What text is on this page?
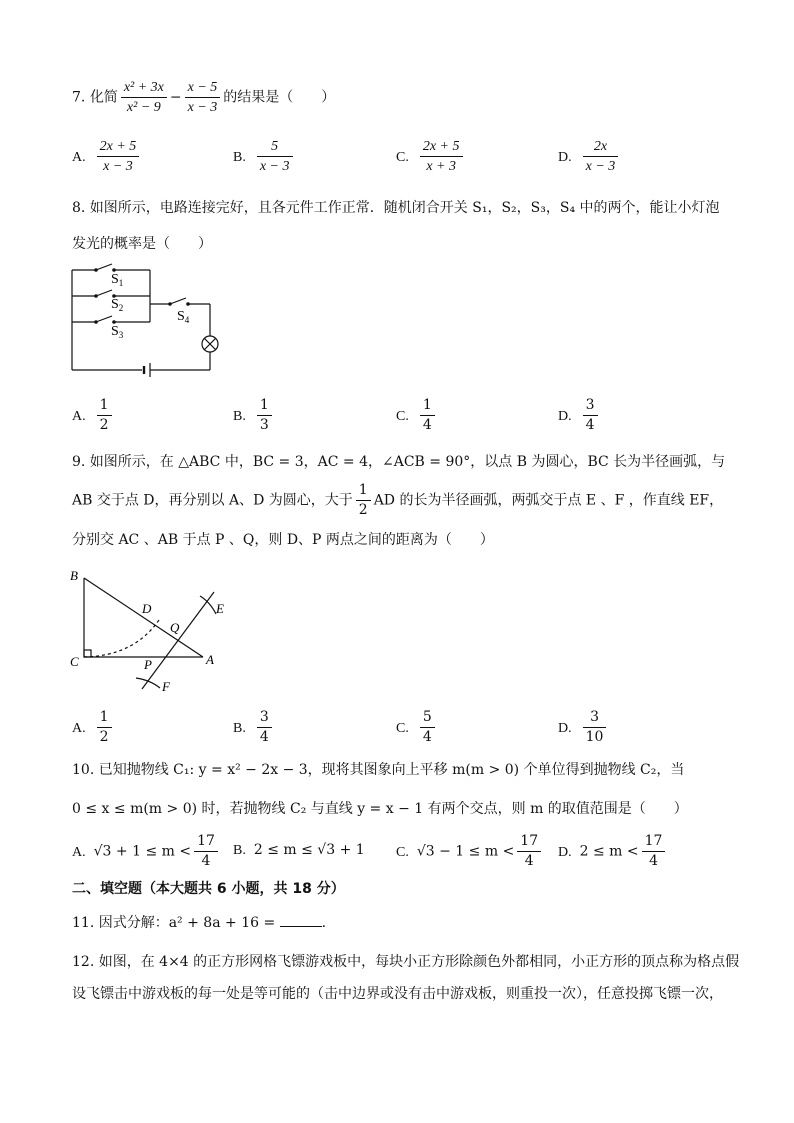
7. 化简 $\frac{\text{x² + 3x}}{\text{x² − 9}} - \frac{x - 5}{x - 3}$ 的结果是（　　）
A. $\frac{2x + 5}{x - 3}$	B. $\frac{5}{x - 3}$	C. $\frac{2x + 5}{x + 3}$	D. $\frac{2x}{x - 3}$
8. 如图所示，电路连接完好，且各元件工作正常．随机闭合开关 S₁，S₂，S₃，S₄ 中的两个，能让小灯泡
发光的概率是（　　）
$S_1$
$S_2$
$S_3$
$S_4$
A. $\frac{1}{2}$	B. $\frac{1}{3}$	C. $\frac{1}{4}$	D. $\frac{3}{4}$
9. 如图所示，在 △ABC 中，BC = 3，AC = 4，∠ACB = 90°，以点 B 为圆心，BC 长为半径画弧，与
AB 交于点 D，再分别以 A、D 为圆心，大于 $\frac{1}{2}$ AD 的长为半径画弧，两弧交于点 E 、F ，作直线 EF，
分别交 AC 、AB 于点 P 、Q，则 D、P 两点之间的距离为（　　）
B
C	A
D
Q
P
E
F
A. $\frac{1}{2}$	B. $\frac{3}{4}$	C. $\frac{5}{4}$	D. $\frac{3}{10}$
10. 已知抛物线 C₁: y = x² − 2x − 3，现将其图象向上平移 m(m > 0) 个单位得到抛物线 C₂，当
0 ≤ x ≤ m(m > 0) 时，若抛物线 C₂ 与直线 y = x − 1 有两个交点，则 m 的取值范围是（　　）
A. $√3 + 1 \le m < \frac{17}{4} B$. 2 ≤ m ≤ √3 + 1 C. $√3 - 1 \le m < \frac{17}{4} D$. $2 \le m < \frac{17}{4}$
二、填空题（本大题共 6 小题，共 18 分）
11. 因式分解：a² + 8a + 16 =	.
12. 如图，在 4×4 的正方形网格飞镖游戏板中，每块小正方形除颜色外都相同，小正方形的顶点称为格点假
设飞镖击中游戏板的每一处是等可能的（击中边界或没有击中游戏板，则重投一次），任意投掷飞镖一次，
